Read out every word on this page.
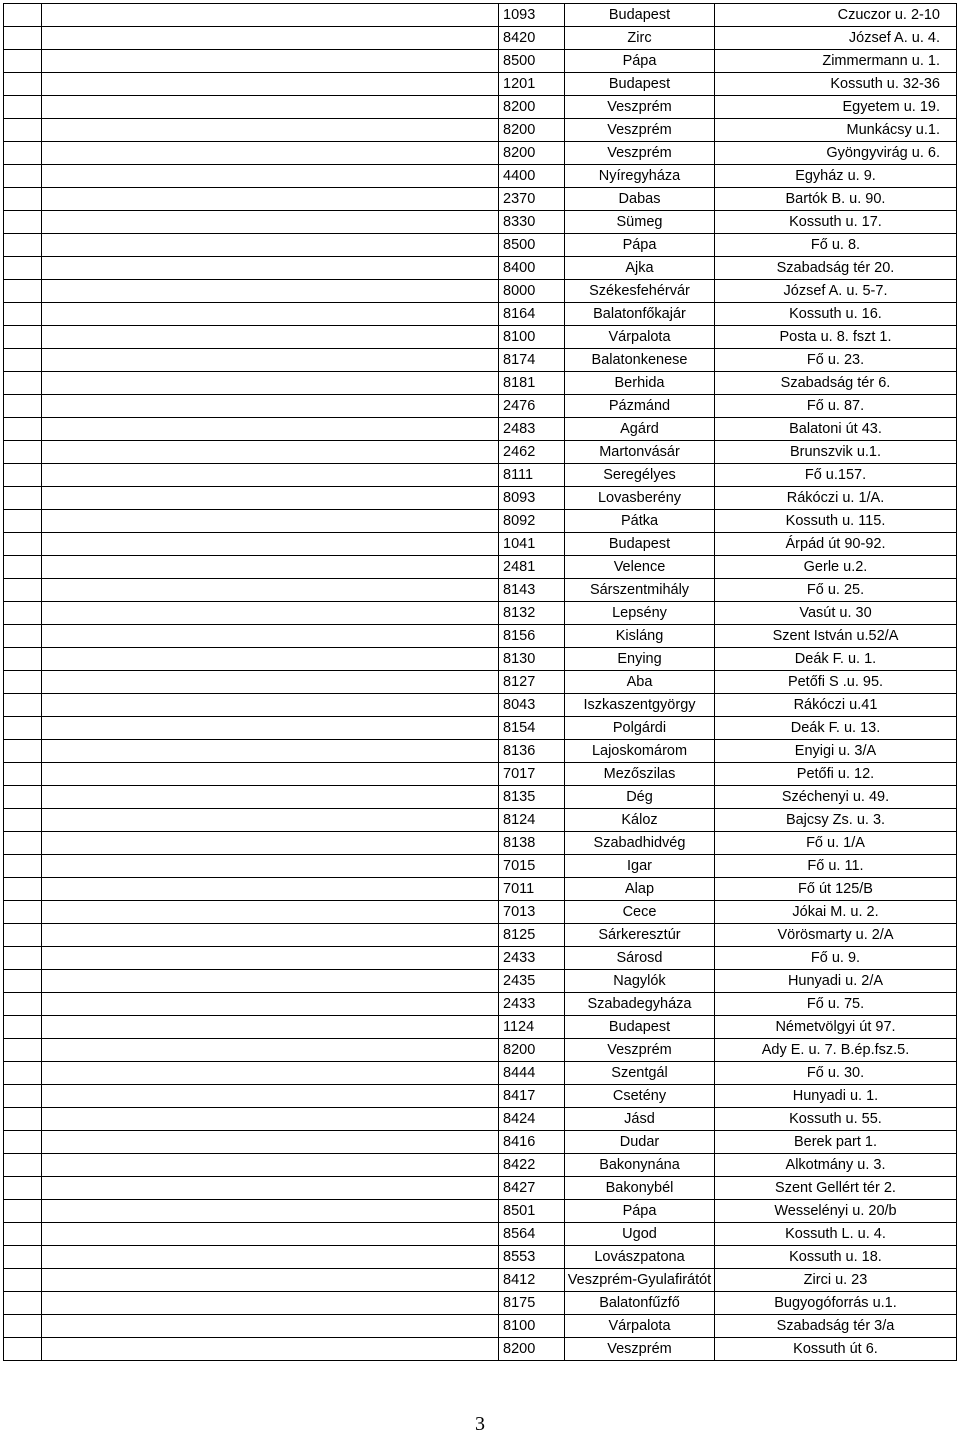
		1093	Budapest	Czuczor u. 2-10
		8420	Zirc	József A. u. 4.
		8500	Pápa	Zimmermann u. 1.
		1201	Budapest	Kossuth u. 32-36
		8200	Veszprém	Egyetem u. 19.
		8200	Veszprém	Munkácsy u.1.
		8200	Veszprém	Gyöngyvirág u. 6.
		4400	Nyíregyháza	Egyház u. 9.
		2370	Dabas	Bartók B. u. 90.
		8330	Sümeg	Kossuth u. 17.
		8500	Pápa	Fő u. 8.
		8400	Ajka	Szabadság tér 20.
		8000	Székesfehérvár	József A. u. 5-7.
		8164	Balatonfőkajár	Kossuth u. 16.
		8100	Várpalota	Posta u. 8. fszt 1.
		8174	Balatonkenese	Fő u. 23.
		8181	Berhida	Szabadság tér 6.
		2476	Pázmánd	Fő u. 87.
		2483	Agárd	Balatoni út 43.
		2462	Martonvásár	Brunszvik u.1.
		8111	Seregélyes	Fő u.157.
		8093	Lovasberény	Rákóczi u. 1/A.
		8092	Pátka	Kossuth u. 115.
		1041	Budapest	Árpád út 90-92.
		2481	Velence	Gerle u.2.
		8143	Sárszentmihály	Fő u. 25.
		8132	Lepsény	Vasút u. 30
		8156	Kisláng	Szent István u.52/A
		8130	Enying	Deák F. u. 1.
		8127	Aba	Petőfi S .u. 95.
		8043	Iszkaszentgyörgy	Rákóczi u.41
		8154	Polgárdi	Deák F. u. 13.
		8136	Lajoskomárom	Enyigi u. 3/A
		7017	Mezőszilas	Petőfi u. 12.
		8135	Dég	Széchenyi u. 49.
		8124	Káloz	Bajcsy Zs. u. 3.
		8138	Szabadhidvég	Fő u. 1/A
		7015	Igar	Fő u. 11.
		7011	Alap	Fő út 125/B
		7013	Cece	Jókai M. u. 2.
		8125	Sárkeresztúr	Vörösmarty u. 2/A
		2433	Sárosd	Fő u. 9.
		2435	Nagylók	Hunyadi u. 2/A
		2433	Szabadegyháza	Fő u. 75.
		1124	Budapest	Németvölgyi út 97.
		8200	Veszprém	Ady E. u. 7. B.ép.fsz.5.
		8444	Szentgál	Fő u. 30.
		8417	Csetény	Hunyadi u. 1.
		8424	Jásd	Kossuth u. 55.
		8416	Dudar	Berek part 1.
		8422	Bakonynána	Alkotmány u. 3.
		8427	Bakonybél	Szent Gellért tér 2.
		8501	Pápa	Wesselényi u. 20/b
		8564	Ugod	Kossuth L. u. 4.
		8553	Lovászpatona	Kossuth u. 18.
		8412	Veszprém-Gyulafirátót	Zirci u. 23
		8175	Balatonfűzfő	Bugyogóforrás u.1.
		8100	Várpalota	Szabadság tér 3/a
		8200	Veszprém	Kossuth út 6.
3
